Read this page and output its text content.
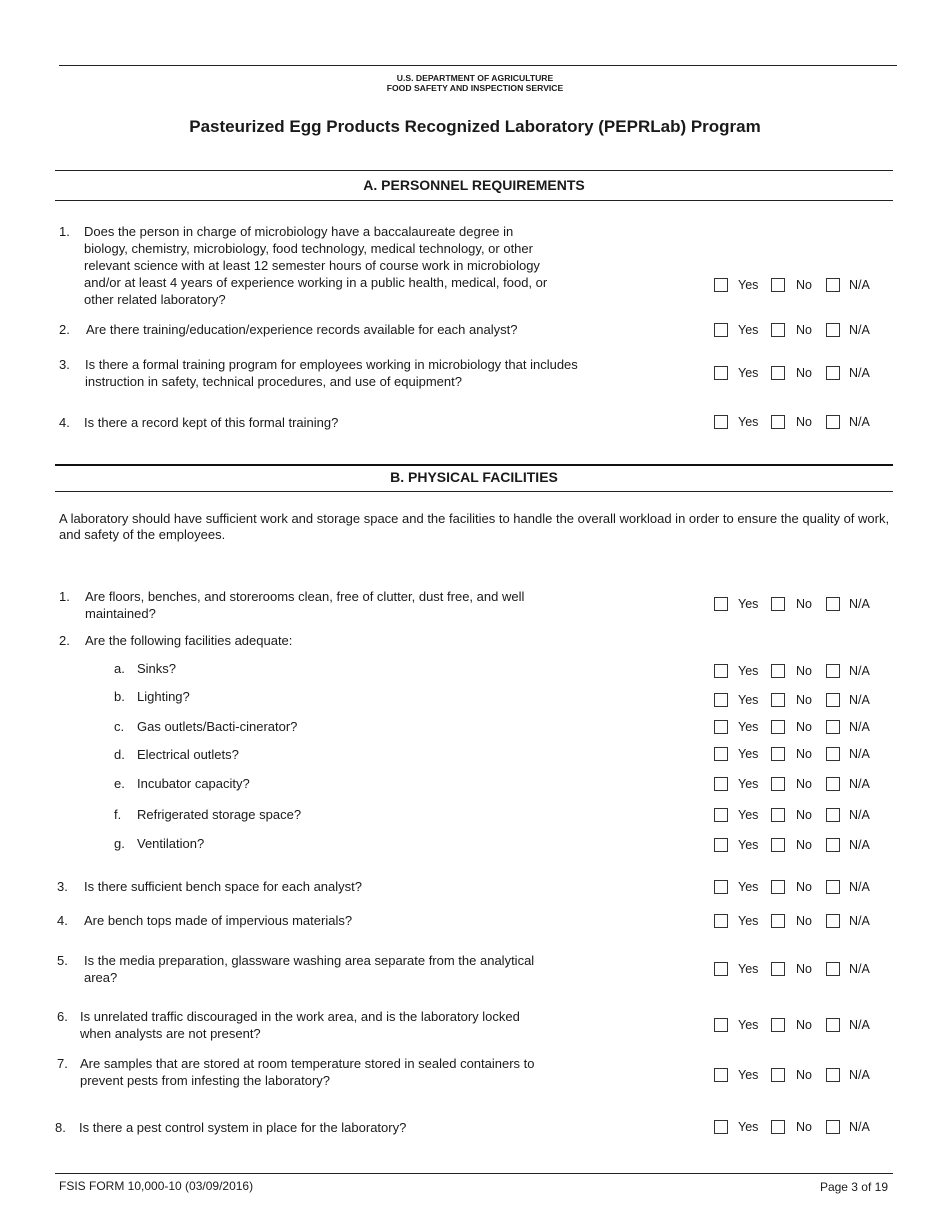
U.S. DEPARTMENT OF AGRICULTURE
FOOD SAFETY AND INSPECTION SERVICE
Pasteurized Egg Products Recognized Laboratory (PEPRLab) Program
A. PERSONNEL REQUIREMENTS
1. Does the person in charge of microbiology have a baccalaureate degree in
biology, chemistry, microbiology, food technology, medical technology, or other
relevant science with at least 12 semester hours of course work in microbiology
and/or at least 4 years of experience working in a public health, medical, food, or
other related laboratory?
Yes	No	N/A
2. Are there training/education/experience records available for each analyst?	Yes	No	N/A
3. Is there a formal training program for employees working in microbiology that includes
instruction in safety, technical procedures, and use of equipment?
Yes	No	N/A
4. Is there a record kept of this formal training?	Yes	No	N/A
B. PHYSICAL FACILITIES
A laboratory should have sufficient work and storage space and the facilities to handle the overall workload in order to ensure the quality of work, and safety of the employees.
1. Are floors, benches, and storerooms clean, free of clutter, dust free, and well
maintained?
Yes	No	N/A
2. Are the following facilities adequate:
a. Sinks?	Yes	No	N/A
b. Lighting?	Yes	No	N/A
c. Gas outlets/Bacti-cinerator?	Yes	No	N/A
d. Electrical outlets?	Yes	No	N/A
e. Incubator capacity?	Yes	No	N/A
f. Refrigerated storage space?	Yes	No	N/A
g. Ventilation?	Yes	No	N/A
3. Is there sufficient bench space for each analyst?	Yes	No	N/A
4. Are bench tops made of impervious materials?	Yes	No	N/A
5. Is the media preparation, glassware washing area separate from the analytical
area?
Yes	No	N/A
6. Is unrelated traffic discouraged in the work area, and is the laboratory locked
when analysts are not present?
Yes	No	N/A
7. Are samples that are stored at room temperature stored in sealed containers to
prevent pests from infesting the laboratory?	Yes	No	N/A
8. Is there a pest control system in place for the laboratory?	Yes	No	N/A
FSIS FORM 10,000-10 (03/09/2016)	Page 3 of 19
